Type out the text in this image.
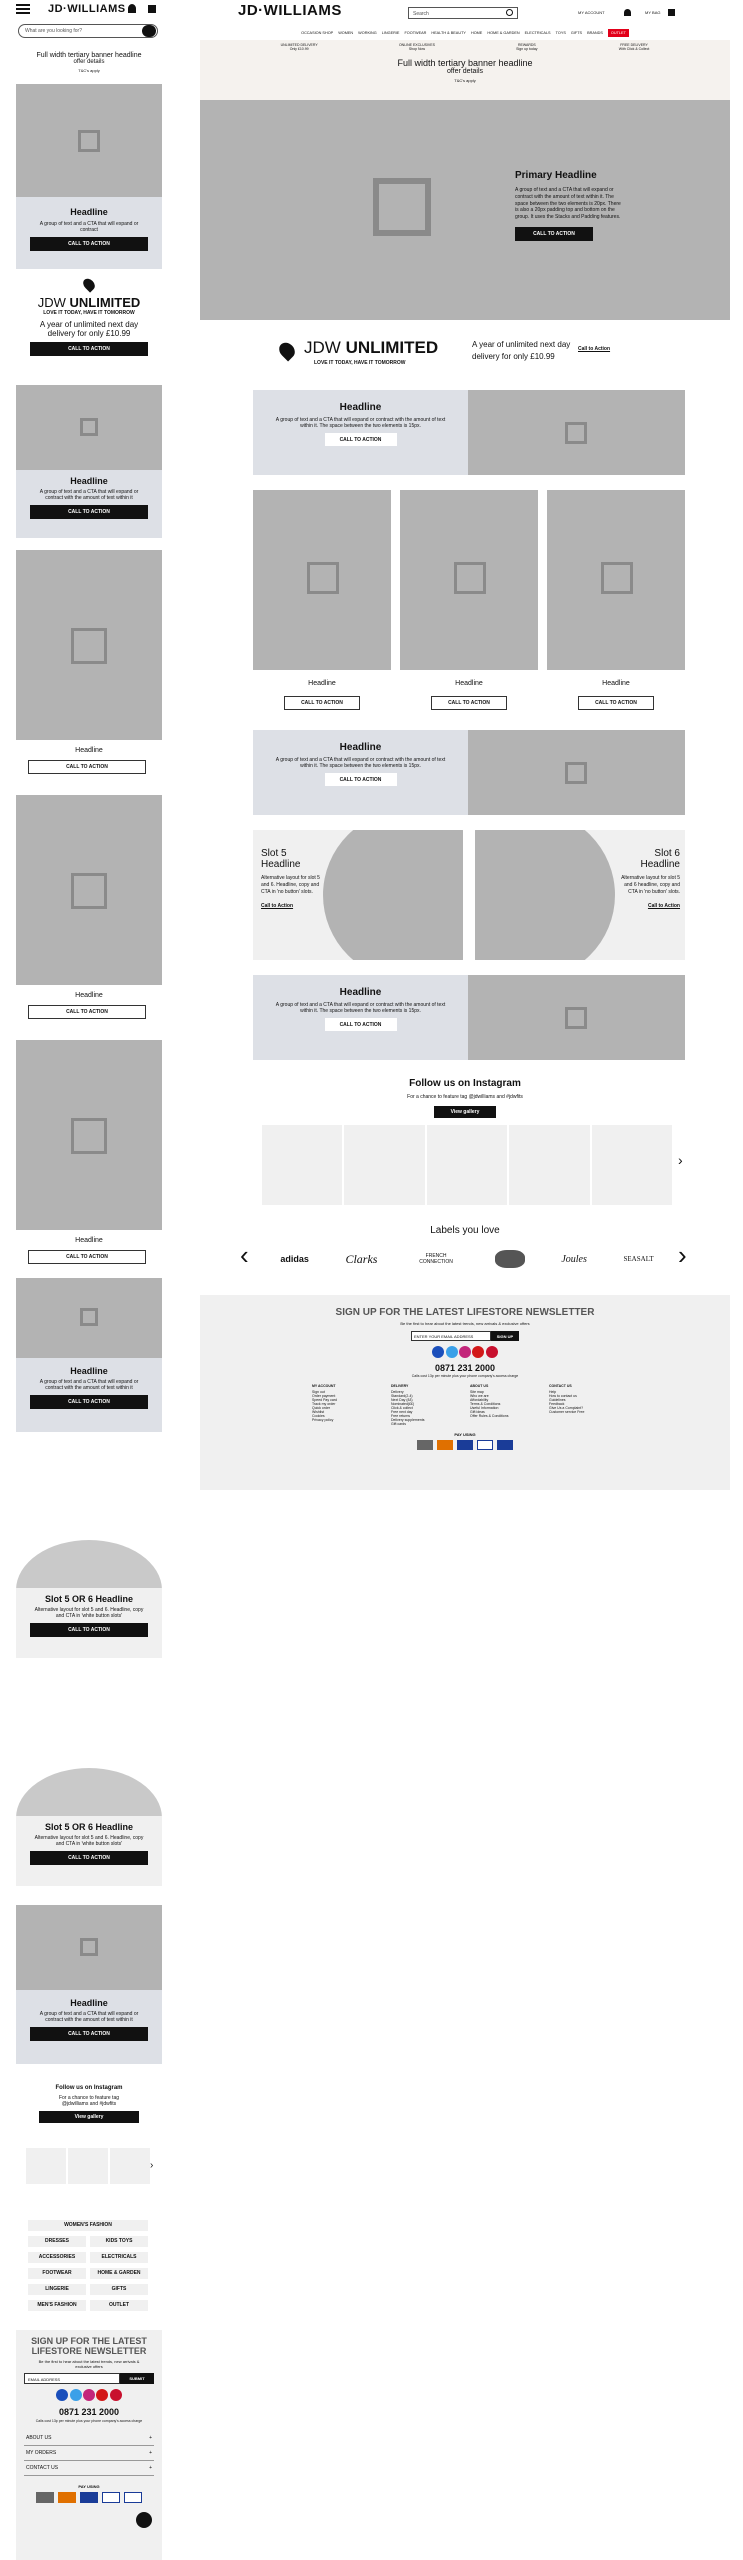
JD·WILLIAMS
What are you looking for?
Full width tertiary banner headline
offer details
T&C's apply
Headline
A group of text and a CTA that will expand or contract
CALL TO ACTION
JDW UNLIMITED
LOVE IT TODAY, HAVE IT TOMORROW
A year of unlimited next day
delivery for only £10.99
CALL TO ACTION
Headline
A group of text and a CTA that will expand or contract with the amount of text within it
CALL TO ACTION
Headline
CALL TO ACTION
Headline
CALL TO ACTION
Headline
CALL TO ACTION
Headline
A group of text and a CTA that will expand or contract with the amount of text within it
CALL TO ACTION
Slot 5 OR 6 Headline
Alternative layout for slot 5 and 6. Headline, copy and CTA in 'white button slots'
CALL TO ACTION
Slot 5 OR 6 Headline
Alternative layout for slot 5 and 6. Headline, copy and CTA in 'white button slots'
CALL TO ACTION
Headline
A group of text and a CTA that will expand or contract with the amount of text within it
CALL TO ACTION
Follow us on Instagram
For a chance to feature tag @jdwilliams and #jdwfits
View gallery
›
WOMEN'S FASHION
DRESSES	KIDS TOYS
ACCESSORIES	ELECTRICALS
FOOTWEAR	HOME & GARDEN
LINGERIE	GIFTS
MEN'S FASHION	OUTLET
SIGN UP FOR THE LATEST
LIFESTORE NEWSLETTER
Be the first to hear about the latest trends, new arrivals & exclusive offers
EMAIL ADDRESS	SUBMIT

0871 231 2000
Calls cost 13p per minute plus your phone company's access charge
ABOUT US	+
MY ORDERS	+
CONTACT US	+
PAY USING
JD·WILLIAMS	Search	MY ACCOUNT	MY BAG
OCCASION SHOP WOMEN WORKING LINGERIE FOOTWEAR HEALTH & BEAUTY HOME HOME & GARDEN ELECTRICALS TOYS GIFTS BRANDS	OUTLET
UNLIMITED DELIVERY
Only £10.99
ONLINE EXCLUSIVES
Shop Now
REWARDS
Sign up today
FREE DELIVERY
With Click & Collect
Full width tertiary banner headline
offer details
T&C's apply
Primary Headline
A group of text and a CTA that will expand or contract with the amount of text within it. The space between the two elements is 20px. There is also a 20px padding top and bottom on the group. It uses the Stacks and Padding features.
CALL TO ACTION
JDW UNLIMITED
LOVE IT TODAY, HAVE IT TOMORROW
A year of unlimited next day
delivery for only £10.99
Call to Action
Headline
A group of text and a CTA that will expand or contract with the amount of text within it. The space between the two elements is 15px.
CALL TO ACTION
Headline	Headline	Headline
CALL TO ACTION	CALL TO ACTION	CALL TO ACTION
Headline
A group of text and a CTA that will expand or contract with the amount of text within it. The space between the two elements is 15px.
CALL TO ACTION
Slot 5
Headline
Alternative layout for slot 5 and 6. Headline, copy and CTA in 'no button' slots.
Call to Action
Slot 6
Headline
Alternative layout for slot 5 and 6 headline, copy and CTA in 'no button' slots.
Call to Action
Headline
A group of text and a CTA that will expand or contract with the amount of text within it. The space between the two elements is 15px.
CALL TO ACTION
Follow us on Instagram
For a chance to feature tag @jdwilliams and #jdwfits
View gallery
›
Labels you love
‹	›
adidas	Clarks	FRENCH CONNECTION	Joules	SEASALT
SIGN UP FOR THE LATEST LIFESTORE NEWSLETTER
Be the first to hear about the latest trends, new arrivals & exclusive offers
ENTER YOUR EMAIL ADDRESS	SIGN UP

0871 231 2000
Calls cost 13p per minute plus your phone company's access charge
MY ACCOUNT
Sign out
Order payment
Speed Pay card
Track my order
Quick order
Wishlist
Cookies
Privacy policy
DELIVERY
Delivery
Standard(2-4)
Next Day (££)
Nominated(££)
Click & collect
Free next day
Free returns
Delivery supplements
Gift cards
ABOUT US
Site map
Who we are
Affordability
Terms & Conditions
Useful Information
Gift ideas
Offer Rules & Conditions
CONTACT US
Help
How to contact us
Guidelines
Feedback
Give Us a Complaint?
Customer service Free
PAY USING
